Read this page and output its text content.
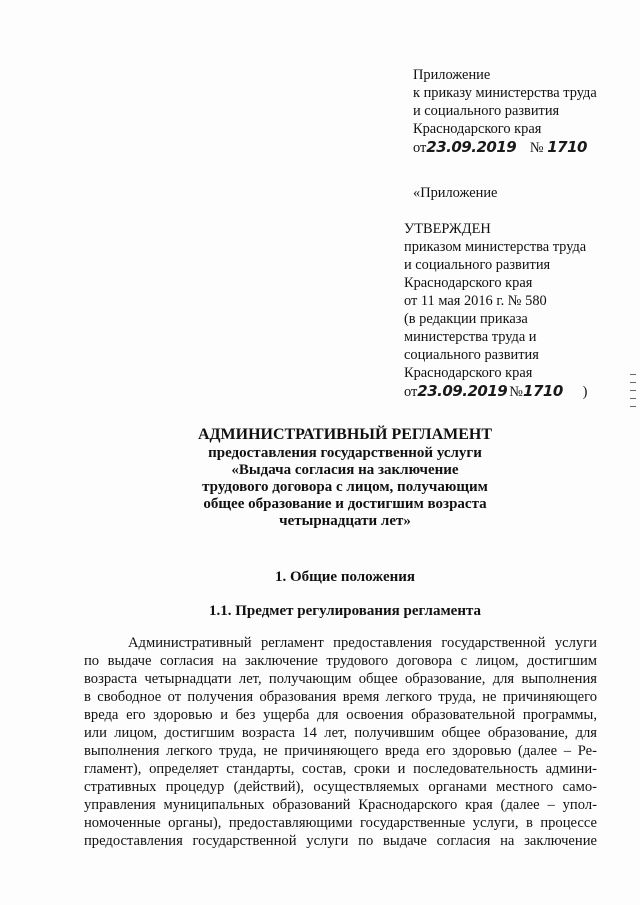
Приложение
к приказу министерства труда
и социального развития
Краснодарского края
от23.09.2019 № 1710
«Приложение
УТВЕРЖДЕН
приказом министерства труда
и социального развития
Краснодарского края
от 11 мая 2016 г. № 580
(в редакции приказа
министерства труда и
социального развития
Краснодарского края
от23.09.2019 №1710 )
АДМИНИСТРАТИВНЫЙ РЕГЛАМЕНТ
предоставления государственной услуги
«Выдача согласия на заключение
трудового договора с лицом, получающим
общее образование и достигшим возраста
четырнадцати лет»
1. Общие положения
1.1. Предмет регулирования регламента
Административный регламент предоставления государственной услуги
по выдаче согласия на заключение трудового договора с лицом, достигшим
возраста четырнадцати лет, получающим общее образование, для выполнения
в свободное от получения образования время легкого труда, не причиняющего
вреда его здоровью и без ущерба для освоения образовательной программы,
или лицом, достигшим возраста 14 лет, получившим общее образование, для
выполнения легкого труда, не причиняющего вреда его здоровью (далее – Ре-
гламент), определяет стандарты, состав, сроки и последовательность админи-
стративных процедур (действий), осуществляемых органами местного само-
управления муниципальных образований Краснодарского края (далее – упол-
номоченные органы), предоставляющими государственные услуги, в процессе
предоставления государственной услуги по выдаче согласия на заключение
